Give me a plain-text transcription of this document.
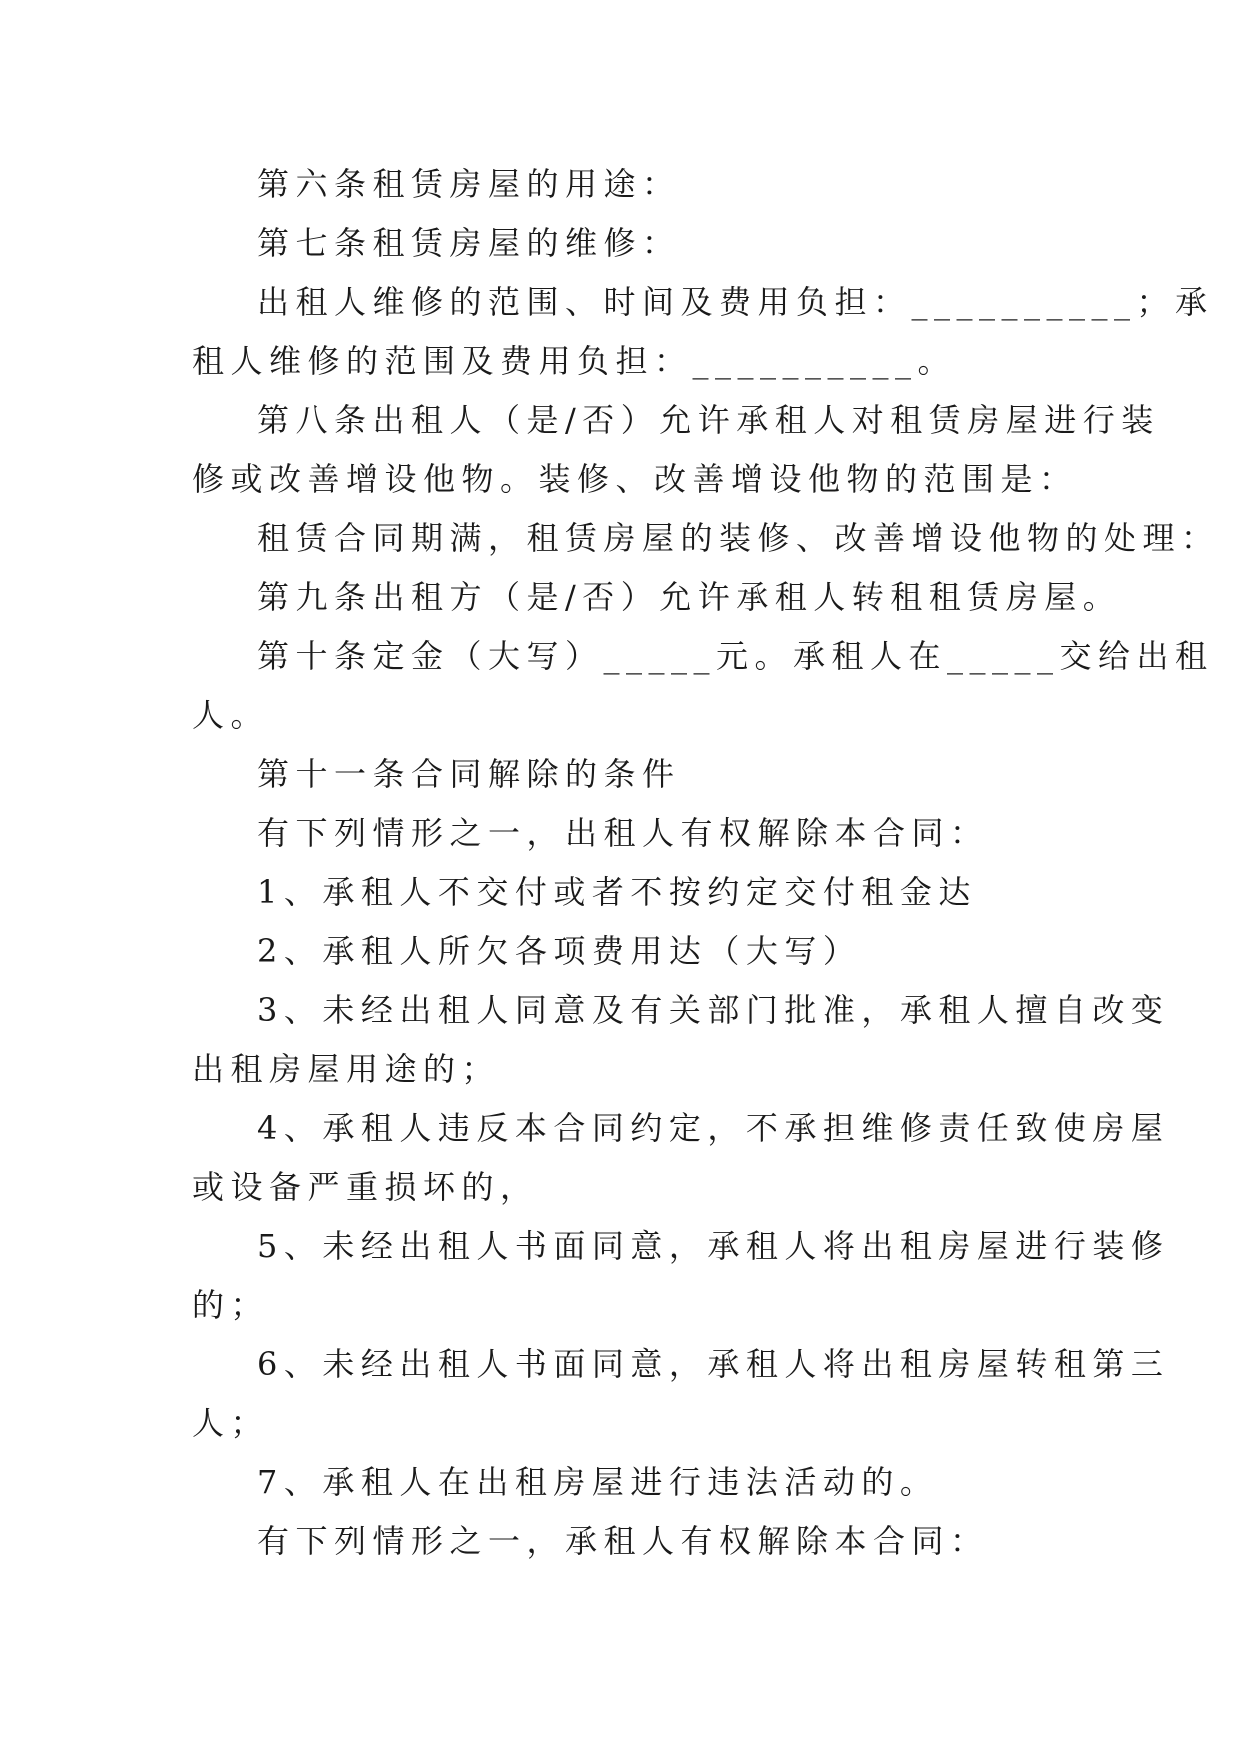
第六条租赁房屋的用途：

第七条租赁房屋的维修：

出租人维修的范围、时间及费用负担：__________；承

租人维修的范围及费用负担：__________。

第八条出租人（是/否）允许承租人对租赁房屋进行装

修或改善增设他物。装修、改善增设他物的范围是：

租赁合同期满，租赁房屋的装修、改善增设他物的处理：

第九条出租方（是/否）允许承租人转租租赁房屋。

第十条定金（大写）_____元。承租人在_____交给出租

人。

第十一条合同解除的条件

有下列情形之一，出租人有权解除本合同：

1、承租人不交付或者不按约定交付租金达

2、承租人所欠各项费用达（大写）

3、未经出租人同意及有关部门批准，承租人擅自改变

出租房屋用途的；

4、承租人违反本合同约定，不承担维修责任致使房屋

或设备严重损坏的，

5、未经出租人书面同意，承租人将出租房屋进行装修

的；

6、未经出租人书面同意，承租人将出租房屋转租第三

人；

7、承租人在出租房屋进行违法活动的。

有下列情形之一，承租人有权解除本合同：
